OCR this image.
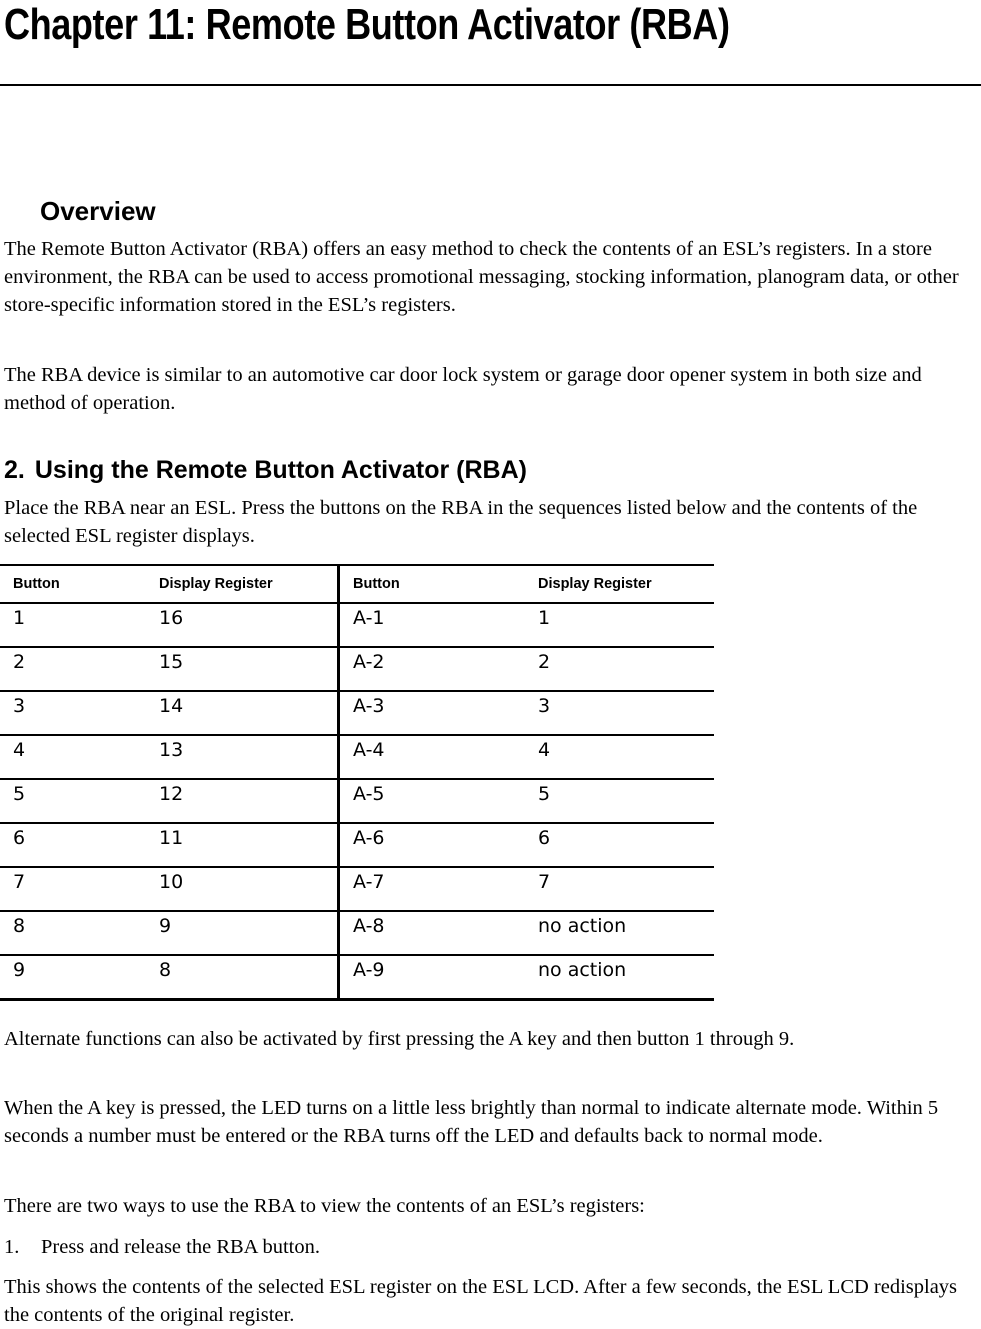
Chapter 11: Remote Button Activator (RBA)
Overview

The Remote Button Activator (RBA) offers an easy method to check the contents of an ESL’s registers. In a store environment, the RBA can be used to access promotional messaging, stocking information, planogram data, or other store-specific information stored in the ESL’s registers.

The RBA device is similar to an automotive car door lock system or garage door opener system in both size and method of operation.

2. Using the Remote Button Activator (RBA)

Place the RBA near an ESL. Press the buttons on the RBA in the sequences listed below and the contents of the selected ESL register displays.

Button	Display Register	Button	Display Register
1	16	A-1	1
2	15	A-2	2
3	14	A-3	3
4	13	A-4	4
5	12	A-5	5
6	11	A-6	6
7	10	A-7	7
8	9	A-8	no action
9	8	A-9	no action

Alternate functions can also be activated by first pressing the A key and then button 1 through 9.

When the A key is pressed, the LED turns on a little less brightly than normal to indicate alternate mode. Within 5 seconds a number must be entered or the RBA turns off the LED and defaults back to normal mode.

There are two ways to use the RBA to view the contents of an ESL’s registers:

1. Press and release the RBA button.

This shows the contents of the selected ESL register on the ESL LCD. After a few seconds, the ESL LCD redisplays the contents of the original register.
